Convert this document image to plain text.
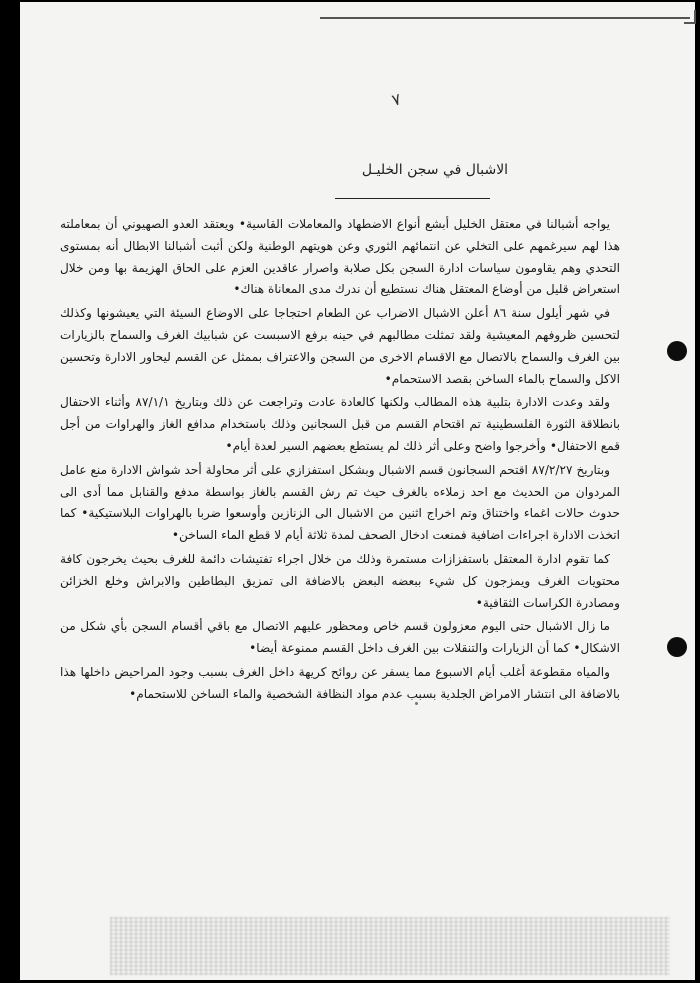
٧
الاشبال في سجن الخليـل

يواجه أشبالنا في معتقل الخليل أبشع أنواع الاضطهاد والمعاملات القاسية• ويعتقد العدو الصهيوني أن بمعاملته هذا لهم سيرغمهم على التخلي عن انتمائهم الثوري وعن هويتهم الوطنية ولكن أثبت أشبالنا الابطال أنه بمستوى التحدي وهم يقاومون سياسات ادارة السجن بكل صلابة واصرار عاقدين العزم على الحاق الهزيمة بها ومن خلال استعراض قليل من أوضاع المعتقل هناك نستطيع أن ندرك مدى المعاناة هناك•

في شهر أيلول سنة ٨٦ أعلن الاشبال الاضراب عن الطعام احتجاجا على الاوضاع السيئة التي يعيشونها وكذلك لتحسين ظروفهم المعيشية ولقد تمثلت مطالبهم في حينه برفع الاسبست عن شبابيك الغرف والسماح بالزيارات بين الغرف والسماح بالاتصال مع الاقسام الاخرى من السجن والاعتراف بممثل عن القسم ليحاور الادارة وتحسين الاكل والسماح بالماء الساخن بقصد الاستحمام•

ولقد وعدت الادارة بتلبية هذه المطالب ولكنها كالعادة عادت وتراجعت عن ذلك وبتاريخ ٨٧/١/١ وأثناء الاحتفال بانطلاقة الثورة الفلسطينية تم اقتحام القسم من قبل السجانين وذلك باستخدام مدافع الغاز والهراوات من أجل قمع الاحتفال• وأخرجوا واضح وعلى أثر ذلك لم يستطع بعضهم السير لعدة أيام•

وبتاريخ ٨٧/٢/٢٧ اقتحم السجانون قسم الاشبال وبشكل استفزازي على أثر محاولة أحد شواش الادارة منع عامل المردوان من الحديث مع احد زملاءه بالغرف حيث تم رش القسم بالغاز بواسطة مدفع والقنابل مما أدى الى حدوث حالات اغماء واختناق وتم اخراج اثنين من الاشبال الى الزنازين وأوسعوا ضربا بالهراوات البلاستيكية• كما اتخذت الادارة اجراءات اضافية فمنعت ادخال الصحف لمدة ثلاثة أيام لا قطع الماء الساخن•

كما تقوم ادارة المعتقل باستفزازات مستمرة وذلك من خلال اجراء تفتيشات دائمة للغرف بحيث يخرجون كافة محتويات الغرف ويمزجون كل شيء ببعضه البعض بالاضافة الى تمزيق البطاطين والابراش وخلع الخزائن ومصادرة الكراسات الثقافية•

ما زال الاشبال حتى اليوم معزولون قسم خاص ومحظور عليهم الاتصال مع باقي أقسام السجن بأي شكل من الاشكال• كما أن الزيارات والتنقلات بين الغرف داخل القسم ممنوعة أيضا•

والمياه مقطوعة أغلب أيام الاسبوع مما يسفر عن روائح كريهة داخل الغرف بسبب وجود المراحيض داخلها هذا بالاضافة الى انتشار الامراض الجلدية بسبب عدم مواد النظافة الشخصية والماء الساخن للاستحمام•
